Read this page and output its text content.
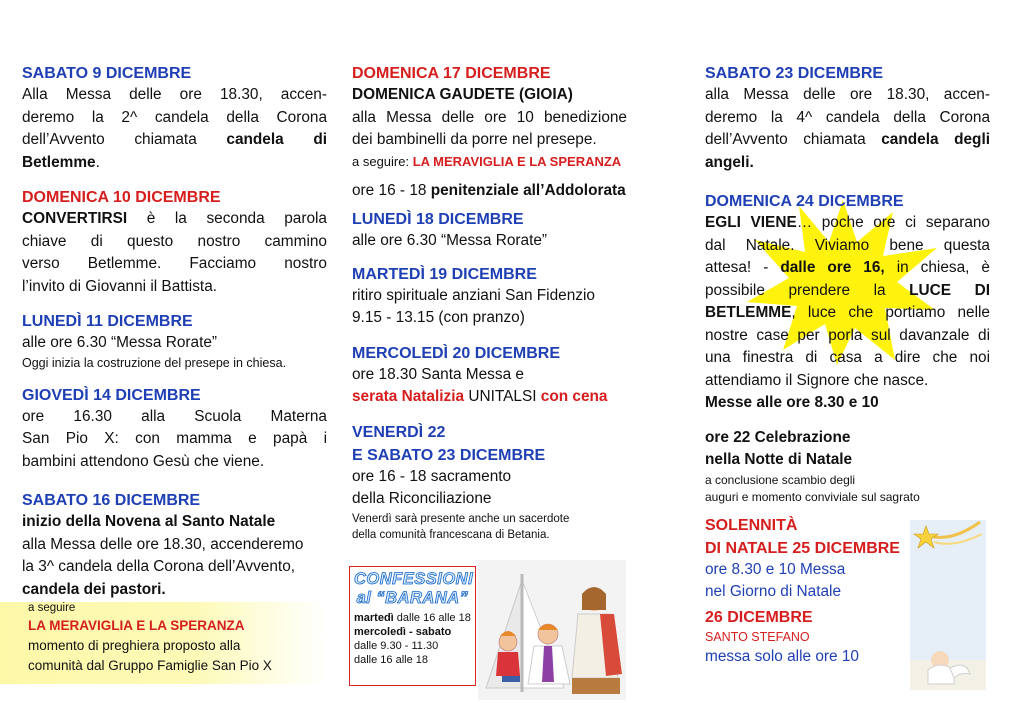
SABATO 9 DICEMBRE

Alla Messa delle ore 18.30, accen-

deremo la 2^ candela della Corona

dell’Avvento chiamata candela di

Betlemme.

DOMENICA 10 DICEMBRE

CONVERTIRSI è la seconda parola

chiave di questo nostro cammino

verso Betlemme. Facciamo nostro

l’invito di Giovanni il Battista.

LUNEDÌ 11 DICEMBRE

alle ore 6.30 “Messa Rorate”

Oggi inizia la costruzione del presepe in chiesa.

GIOVEDÌ 14 DICEMBRE

ore 16.30 alla Scuola Materna

San Pio X: con mamma e papà i

bambini attendono Gesù che viene.

SABATO 16 DICEMBRE

inizio della Novena al Santo Natale

alla Messa delle ore 18.30, accenderemo

la 3^ candela della Corona dell’Avvento,

candela dei pastori.

a seguire

LA MERAVIGLIA E LA SPERANZA

momento di preghiera proposto alla

comunità dal Gruppo Famiglie San Pio X

DOMENICA 17 DICEMBRE

DOMENICA GAUDETE (GIOIA)

alla Messa delle ore 10 benedizione

dei bambinelli da porre nel presepe.

a seguire: LA MERAVIGLIA E LA SPERANZA

ore 16 - 18 penitenziale all’Addolorata

LUNEDÌ 18 DICEMBRE

alle ore 6.30 “Messa Rorate”

MARTEDÌ 19 DICEMBRE

ritiro spirituale anziani San Fidenzio

9.15 - 13.15 (con pranzo)

MERCOLEDÌ 20 DICEMBRE

ore 18.30 Santa Messa e

serata Natalizia UNITALSI con cena

VENERDÌ 22

E SABATO 23 DICEMBRE

ore 16 - 18 sacramento

della Riconciliazione

Venerdì sarà presente anche un sacerdote

della comunità francescana di Betania.

CONFESSIONI
al “BARANA”

martedì dalle 16 alle 18

mercoledì - sabato

dalle 9.30 - 11.30

dalle 16 alle 18

SABATO 23 DICEMBRE

alla Messa delle ore 18.30, accen-

deremo la 4^ candela della Corona

dell’Avvento chiamata candela degli

angeli.

DOMENICA 24 DICEMBRE

EGLI VIENE… poche ore ci separano

dal Natale. Viviamo bene questa

attesa! - dalle ore 16, in chiesa, è

possibile prendere la LUCE DI

BETLEMME, luce che portiamo nelle

nostre case per porla sul davanzale di

una finestra di casa a dire che noi

attendiamo il Signore che nasce.

Messe alle ore 8.30 e 10

ore 22 Celebrazione

nella Notte di Natale

a conclusione scambio degli

auguri e momento conviviale sul sagrato

SOLENNITÀ

DI NATALE 25 DICEMBRE

ore 8.30 e 10 Messa

nel Giorno di Natale

26 DICEMBRE

SANTO STEFANO

messa solo alle ore 10
